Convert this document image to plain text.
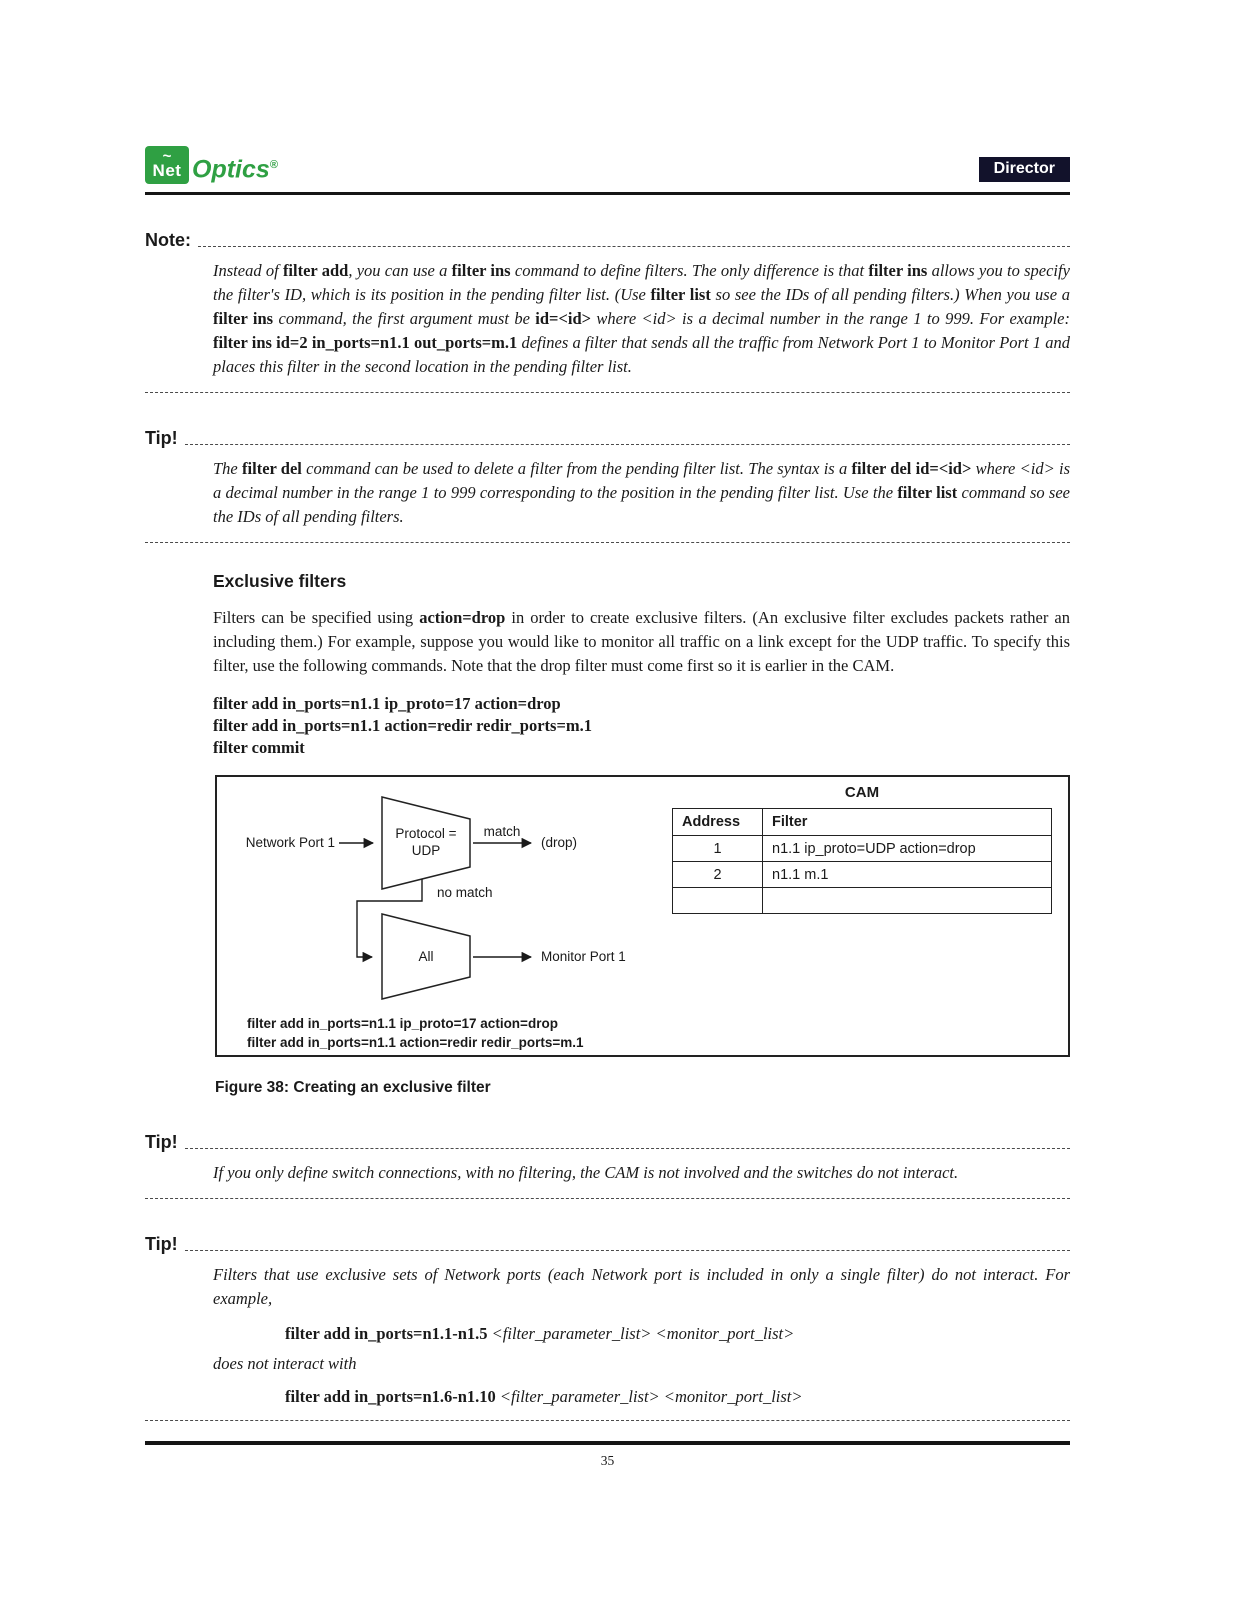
~
Net Optics®	Director
Note:
Instead of filter add, you can use a filter ins command to define filters. The only difference is that filter ins allows you to specify the filter's ID, which is its position in the pending filter list. (Use filter list so see the IDs of all pending filters.) When you use a filter ins command, the first argument must be id=<id> where <id> is a decimal number in the range 1 to 999. For example: filter ins id=2 in_ports=n1.1 out_ports=m.1 defines a filter that sends all the traffic from Network Port 1 to Monitor Port 1 and places this filter in the second location in the pending filter list.
Tip!
The filter del command can be used to delete a filter from the pending filter list. The syntax is a filter del id=<id> where <id> is a decimal number in the range 1 to 999 corresponding to the position in the pending filter list. Use the filter list command so see the IDs of all pending filters.
Exclusive filters
Filters can be specified using action=drop in order to create exclusive filters. (An exclusive filter excludes packets rather an including them.) For example, suppose you would like to monitor all traffic on a link except for the UDP traffic. To specify this filter, use the following commands. Note that the drop filter must come first so it is earlier in the CAM.
filter add in_ports=n1.1 ip_proto=17 action=drop
filter add in_ports=n1.1 action=redir redir_ports=m.1
filter commit
Network Port 1
Protocol =
UDP
match
(drop)
no match
All	Monitor Port 1
CAM
Address	Filter
1	n1.1 ip_proto=UDP action=drop
2	n1.1 m.1

filter add in_ports=n1.1 ip_proto=17 action=drop
filter add in_ports=n1.1 action=redir redir_ports=m.1
Figure 38: Creating an exclusive filter
Tip!
If you only define switch connections, with no filtering, the CAM is not involved and the switches do not interact.
Tip!
Filters that use exclusive sets of Network ports (each Network port is included in only a single filter) do not interact. For example,
filter add in_ports=n1.1-n1.5 <filter_parameter_list> <monitor_port_list>
does not interact with
filter add in_ports=n1.6-n1.10 <filter_parameter_list> <monitor_port_list>
35
